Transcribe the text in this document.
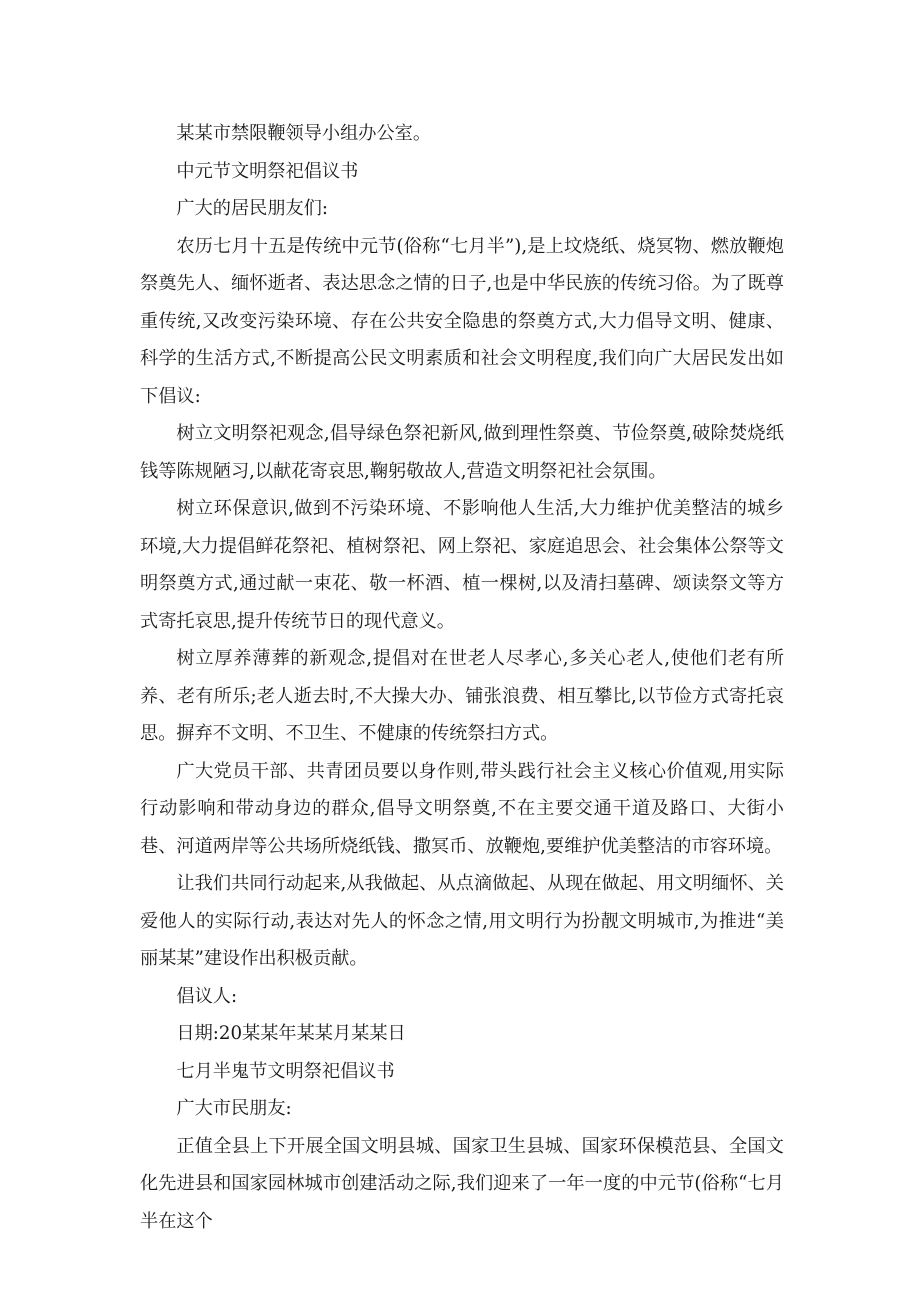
某某市禁限鞭领导小组办公室。

中元节文明祭祀倡议书

广大的居民朋友们:

农历七月十五是传统中元节(俗称“七月半”),是上坟烧纸、烧冥物、燃放鞭炮祭奠先人、缅怀逝者、表达思念之情的日子,也是中华民族的传统习俗。为了既尊重传统,又改变污染环境、存在公共安全隐患的祭奠方式,大力倡导文明、健康、科学的生活方式,不断提高公民文明素质和社会文明程度,我们向广大居民发出如下倡议:

树立文明祭祀观念,倡导绿色祭祀新风,做到理性祭奠、节俭祭奠,破除焚烧纸钱等陈规陋习,以献花寄哀思,鞠躬敬故人,营造文明祭祀社会氛围。

树立环保意识,做到不污染环境、不影响他人生活,大力维护优美整洁的城乡环境,大力提倡鲜花祭祀、植树祭祀、网上祭祀、家庭追思会、社会集体公祭等文明祭奠方式,通过献一束花、敬一杯酒、植一棵树,以及清扫墓碑、颂读祭文等方式寄托哀思,提升传统节日的现代意义。

树立厚养薄葬的新观念,提倡对在世老人尽孝心,多关心老人,使他们老有所养、老有所乐;老人逝去时,不大操大办、铺张浪费、相互攀比,以节俭方式寄托哀思。摒弃不文明、不卫生、不健康的传统祭扫方式。

广大党员干部、共青团员要以身作则,带头践行社会主义核心价值观,用实际行动影响和带动身边的群众,倡导文明祭奠,不在主要交通干道及路口、大街小巷、河道两岸等公共场所烧纸钱、撒冥币、放鞭炮,要维护优美整洁的市容环境。

让我们共同行动起来,从我做起、从点滴做起、从现在做起、用文明缅怀、关爱他人的实际行动,表达对先人的怀念之情,用文明行为扮靓文明城市,为推进“美丽某某”建设作出积极贡献。

倡议人:

日期:20某某年某某月某某日

七月半鬼节文明祭祀倡议书

广大市民朋友:

正值全县上下开展全国文明县城、国家卫生县城、国家环保模范县、全国文化先进县和国家园林城市创建活动之际,我们迎来了一年一度的中元节(俗称“七月半在这个
